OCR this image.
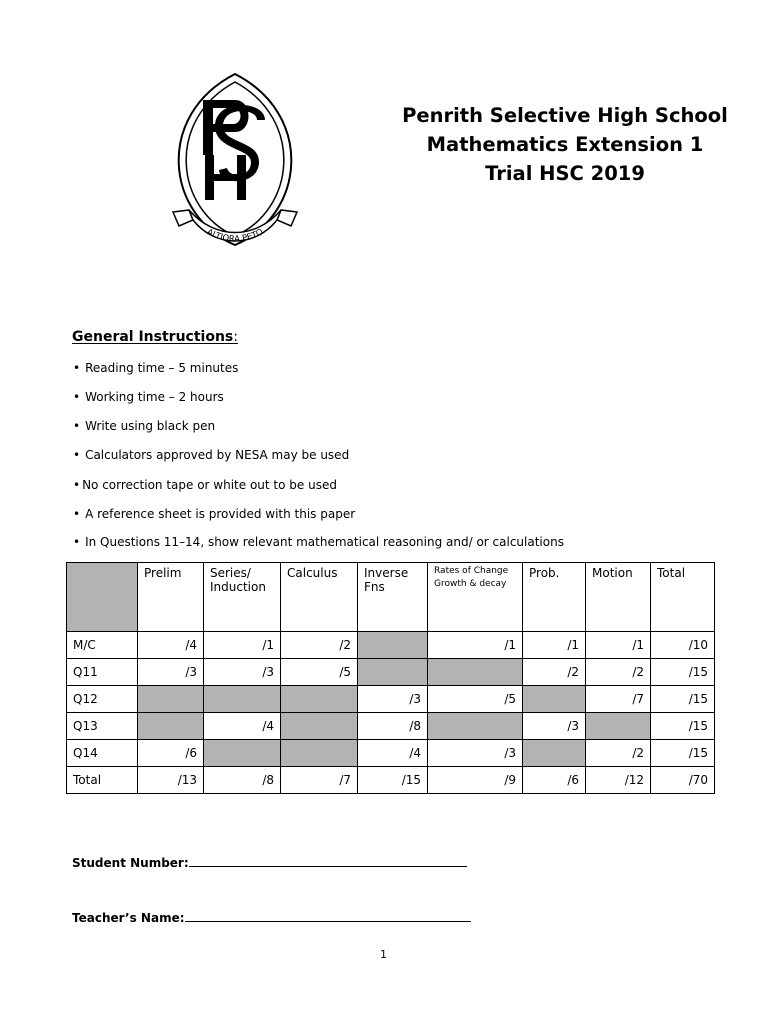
ALTIORA PETO
Penrith Selective High School
Mathematics Extension 1
Trial HSC 2019
General Instructions:
• Reading time – 5 minutes
• Working time – 2 hours
• Write using black pen
• Calculators approved by NESA may be used
• No correction tape or white out to be used
• A reference sheet is provided with this paper
• In Questions 11–14, show relevant mathematical reasoning and/ or calculations
	Prelim	Series/ Induction	Calculus	Inverse Fns	Rates of Change Growth & decay	Prob.	Motion	Total
M/C	/4	/1	/2		/1	/1	/1	/10
Q11	/3	/3	/5			/2	/2	/15
Q12				/3	/5		/7	/15
Q13		/4		/8		/3		/15
Q14	/6			/4	/3		/2	/15
Total	/13	/8	/7	/15	/9	/6	/12	/70
Student Number:
Teacher’s Name:
1
